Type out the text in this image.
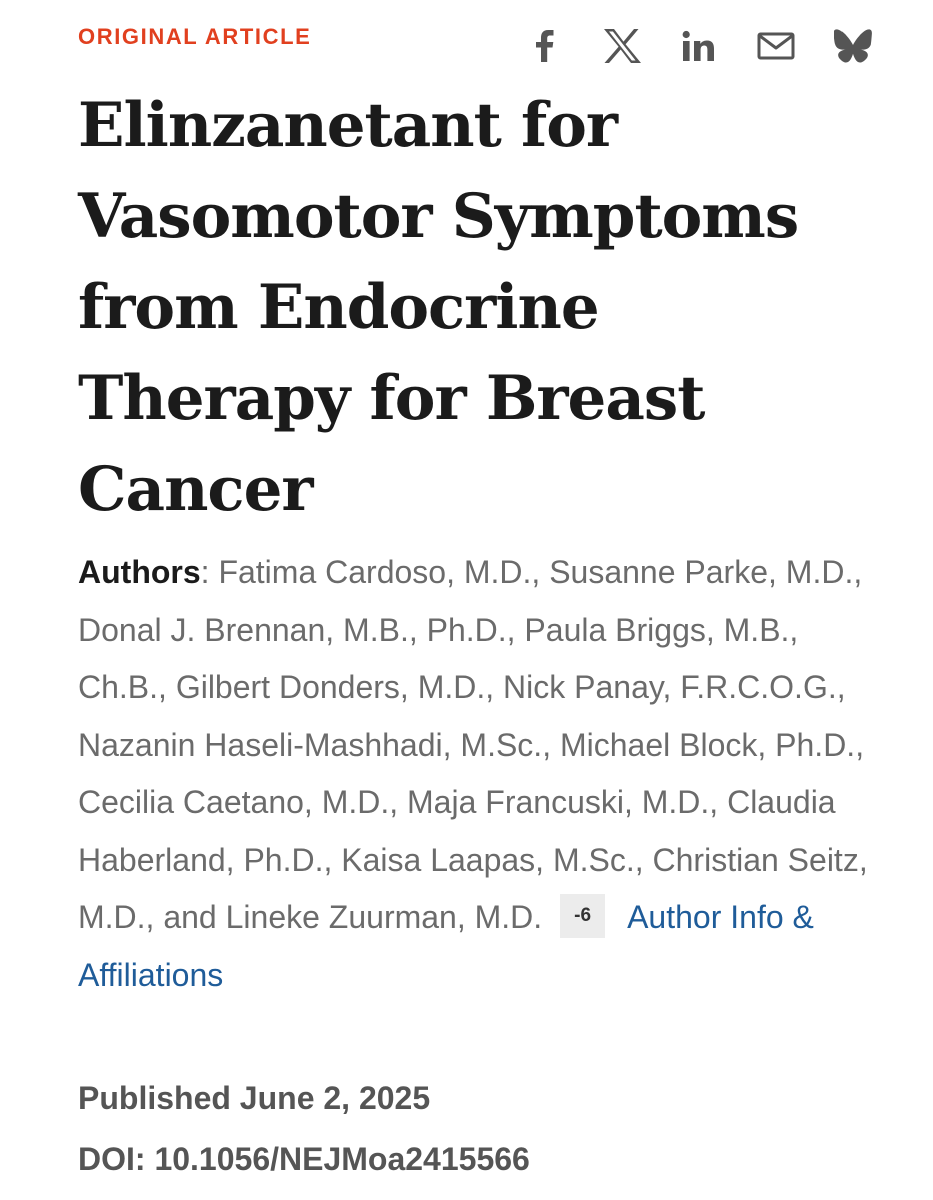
ORIGINAL ARTICLE
Elinzanetant for Vasomotor Symptoms from Endocrine Therapy for Breast Cancer

Authors: Fatima Cardoso, M.D., Susanne Parke, M.D., Donal J. Brennan, M.B., Ph.D., Paula Briggs, M.B., Ch.B., Gilbert Donders, M.D., Nick Panay, F.R.C.O.G., Nazanin Haseli-Mashhadi, M.Sc., Michael Block, Ph.D., Cecilia Caetano, M.D., Maja Francuski, M.D., Claudia Haberland, Ph.D., Kaisa Laapas, M.Sc., Christian Seitz, M.D., and Lineke Zuurman, M.D. -6 Author Info & Affiliations

Published June 2, 2025

DOI: 10.1056/NEJMoa2415566
